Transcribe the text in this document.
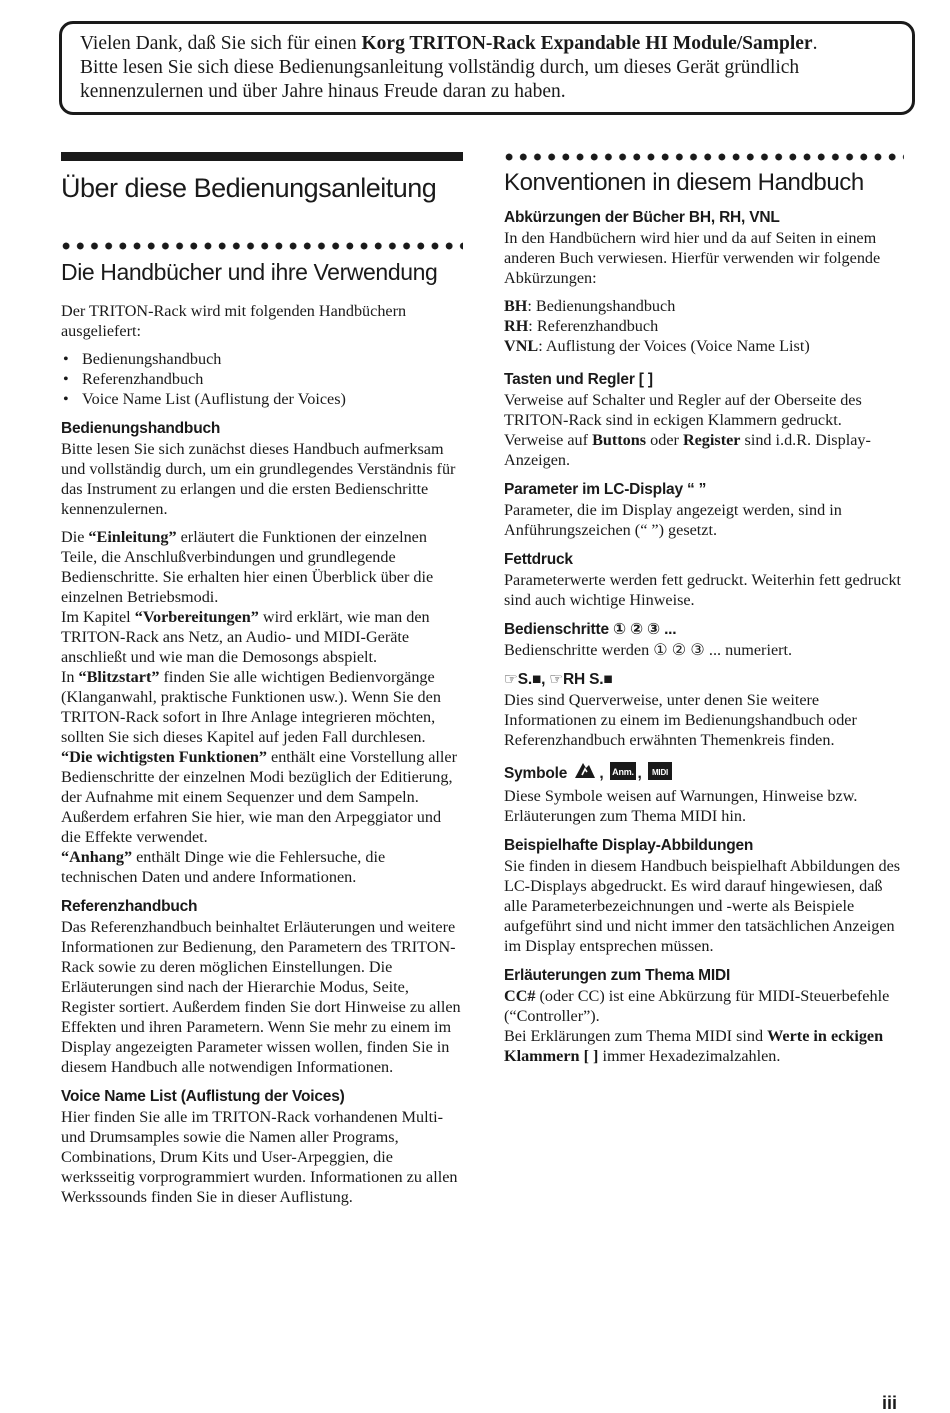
Vielen Dank, daß Sie sich für einen Korg TRITON-Rack Expandable HI Module/Sampler.
Bitte lesen Sie sich diese Bedienungsanleitung vollständig durch, um dieses Gerät gründlich kennenzulernen und über Jahre hinaus Freude daran zu haben.
Über diese Bedienungsanleitung
Die Handbücher und ihre Verwendung

Der TRITON-Rack wird mit folgenden Handbüchern ausgeliefert:

• Bedienungshandbuch
• Referenzhandbuch
• Voice Name List (Auflistung der Voices)
Bedienungshandbuch

Bitte lesen Sie sich zunächst dieses Handbuch aufmerksam und vollständig durch, um ein grundlegendes Verständnis für das Instrument zu erlangen und die ersten Bedienschritte kennenzulernen.

Die “Einleitung” erläutert die Funktionen der einzelnen Teile, die Anschlußverbindungen und grundlegende Bedienschritte. Sie erhalten hier einen Überblick über die einzelnen Betriebsmodi.
Im Kapitel “Vorbereitungen” wird erklärt, wie man den TRITON-Rack ans Netz, an Audio- und MIDI-Geräte anschließt und wie man die Demosongs abspielt.
In “Blitzstart” finden Sie alle wichtigen Bedienvorgänge (Klanganwahl, praktische Funktionen usw.). Wenn Sie den TRITON-Rack sofort in Ihre Anlage integrieren möchten, sollten Sie sich dieses Kapitel auf jeden Fall durchlesen.
“Die wichtigsten Funktionen” enthält eine Vorstellung aller Bedienschritte der einzelnen Modi bezüglich der Editierung, der Aufnahme mit einem Sequenzer und dem Sampeln. Außerdem erfahren Sie hier, wie man den Arpeggiator und die Effekte verwendet.
“Anhang” enthält Dinge wie die Fehlersuche, die technischen Daten und andere Informationen.

Referenzhandbuch

Das Referenzhandbuch beinhaltet Erläuterungen und weitere Informationen zur Bedienung, den Parametern des TRITON-Rack sowie zu deren möglichen Einstellungen. Die Erläuterungen sind nach der Hierarchie Modus, Seite, Register sortiert. Außerdem finden Sie dort Hinweise zu allen Effekten und ihren Parametern. Wenn Sie mehr zu einem im Display angezeigten Parameter wissen wollen, finden Sie in diesem Handbuch alle notwendigen Informationen.

Voice Name List (Auflistung der Voices)

Hier finden Sie alle im TRITON-Rack vorhandenen Multi- und Drumsamples sowie die Namen aller Programs, Combinations, Drum Kits und User-Arpeggien, die werksseitig vorprogrammiert wurden. Informationen zu allen Werkssounds finden Sie in dieser Auflistung.

Konventionen in diesem Handbuch
Abkürzungen der Bücher BH, RH, VNL

In den Handbüchern wird hier und da auf Seiten in einem anderen Buch verwiesen. Hierfür verwenden wir folgende Abkürzungen:

BH: Bedienungshandbuch
RH: Referenzhandbuch
VNL: Auflistung der Voices (Voice Name List)
Tasten und Regler [ ]

Verweise auf Schalter und Regler auf der Oberseite des TRITON-Rack sind in eckigen Klammern gedruckt. Verweise auf Buttons oder Register sind i.d.R. Display-Anzeigen.

Parameter im LC-Display “ ”

Parameter, die im Display angezeigt werden, sind in Anführungszeichen (“ ”) gesetzt.

Fettdruck

Parameterwerte werden fett gedruckt. Weiterhin fett gedruckt sind auch wichtige Hinweise.

Bedienschritte ① ② ③ ...

Bedienschritte werden ① ② ③ ... numeriert.

☞S.■, ☞RH S.■

Dies sind Querverweise, unter denen Sie weitere Informationen zu einem im Bedienungshandbuch oder Referenzhandbuch erwähnten Themenkreis finden.

Symbole , Anm. , MIDI

Diese Symbole weisen auf Warnungen, Hinweise bzw. Erläuterungen zum Thema MIDI hin.

Beispielhafte Display-Abbildungen

Sie finden in diesem Handbuch beispielhaft Abbildungen des LC-Displays abgedruckt. Es wird darauf hingewiesen, daß alle Parameterbezeichnungen und -werte als Beispiele aufgeführt sind und nicht immer den tatsächlichen Anzeigen im Display entsprechen müssen.

Erläuterungen zum Thema MIDI

CC# (oder CC) ist eine Abkürzung für MIDI-Steuerbefehle (“Controller”).
Bei Erklärungen zum Thema MIDI sind Werte in eckigen Klammern [ ] immer Hexadezimalzahlen.

iii
